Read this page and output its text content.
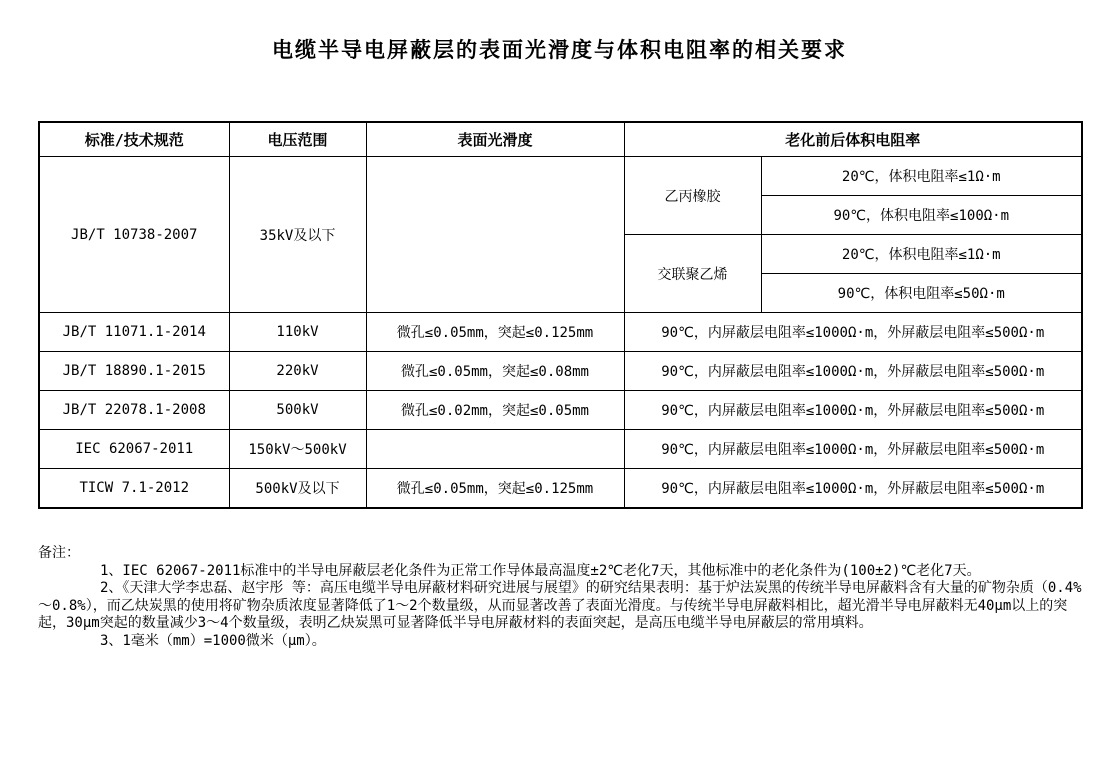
电缆半导电屏蔽层的表面光滑度与体积电阻率的相关要求
标准/技术规范	电压范围	表面光滑度	老化前后体积电阻率	
JB/T 10738-2007	35kV及以下		乙丙橡胶	20℃，体积电阻率≤1Ω·m
				90℃，体积电阻率≤100Ω·m
			交联聚乙烯	20℃，体积电阻率≤1Ω·m
				90℃，体积电阻率≤50Ω·m
JB/T 11071.1-2014	110kV	微孔≤0.05mm，突起≤0.125mm	90℃，内屏蔽层电阻率≤1000Ω·m，外屏蔽层电阻率≤500Ω·m	
JB/T 18890.1-2015	220kV	微孔≤0.05mm，突起≤0.08mm	90℃，内屏蔽层电阻率≤1000Ω·m，外屏蔽层电阻率≤500Ω·m	
JB/T 22078.1-2008	500kV	微孔≤0.02mm，突起≤0.05mm	90℃，内屏蔽层电阻率≤1000Ω·m，外屏蔽层电阻率≤500Ω·m	
IEC 62067-2011	150kV～500kV		90℃，内屏蔽层电阻率≤1000Ω·m，外屏蔽层电阻率≤500Ω·m	
TICW 7.1-2012	500kV及以下	微孔≤0.05mm，突起≤0.125mm	90℃，内屏蔽层电阻率≤1000Ω·m，外屏蔽层电阻率≤500Ω·m	

备注：

1、IEC 62067-2011标准中的半导电屏蔽层老化条件为正常工作导体最高温度±2℃老化7天，其他标准中的老化条件为(100±2)℃老化7天。

2、《天津大学李忠磊、赵宇彤 等：高压电缆半导电屏蔽材料研究进展与展望》的研究结果表明：基于炉法炭黑的传统半导电屏蔽料含有大量的矿物杂质（0.4%～0.8%），而乙炔炭黑的使用将矿物杂质浓度显著降低了1～2个数量级，从而显著改善了表面光滑度。与传统半导电屏蔽料相比，超光滑半导电屏蔽料无40μm以上的突起，30μm突起的数量减少3～4个数量级，表明乙炔炭黑可显著降低半导电屏蔽材料的表面突起，是高压电缆半导电屏蔽层的常用填料。

3、1毫米（mm）=1000微米（μm）。
